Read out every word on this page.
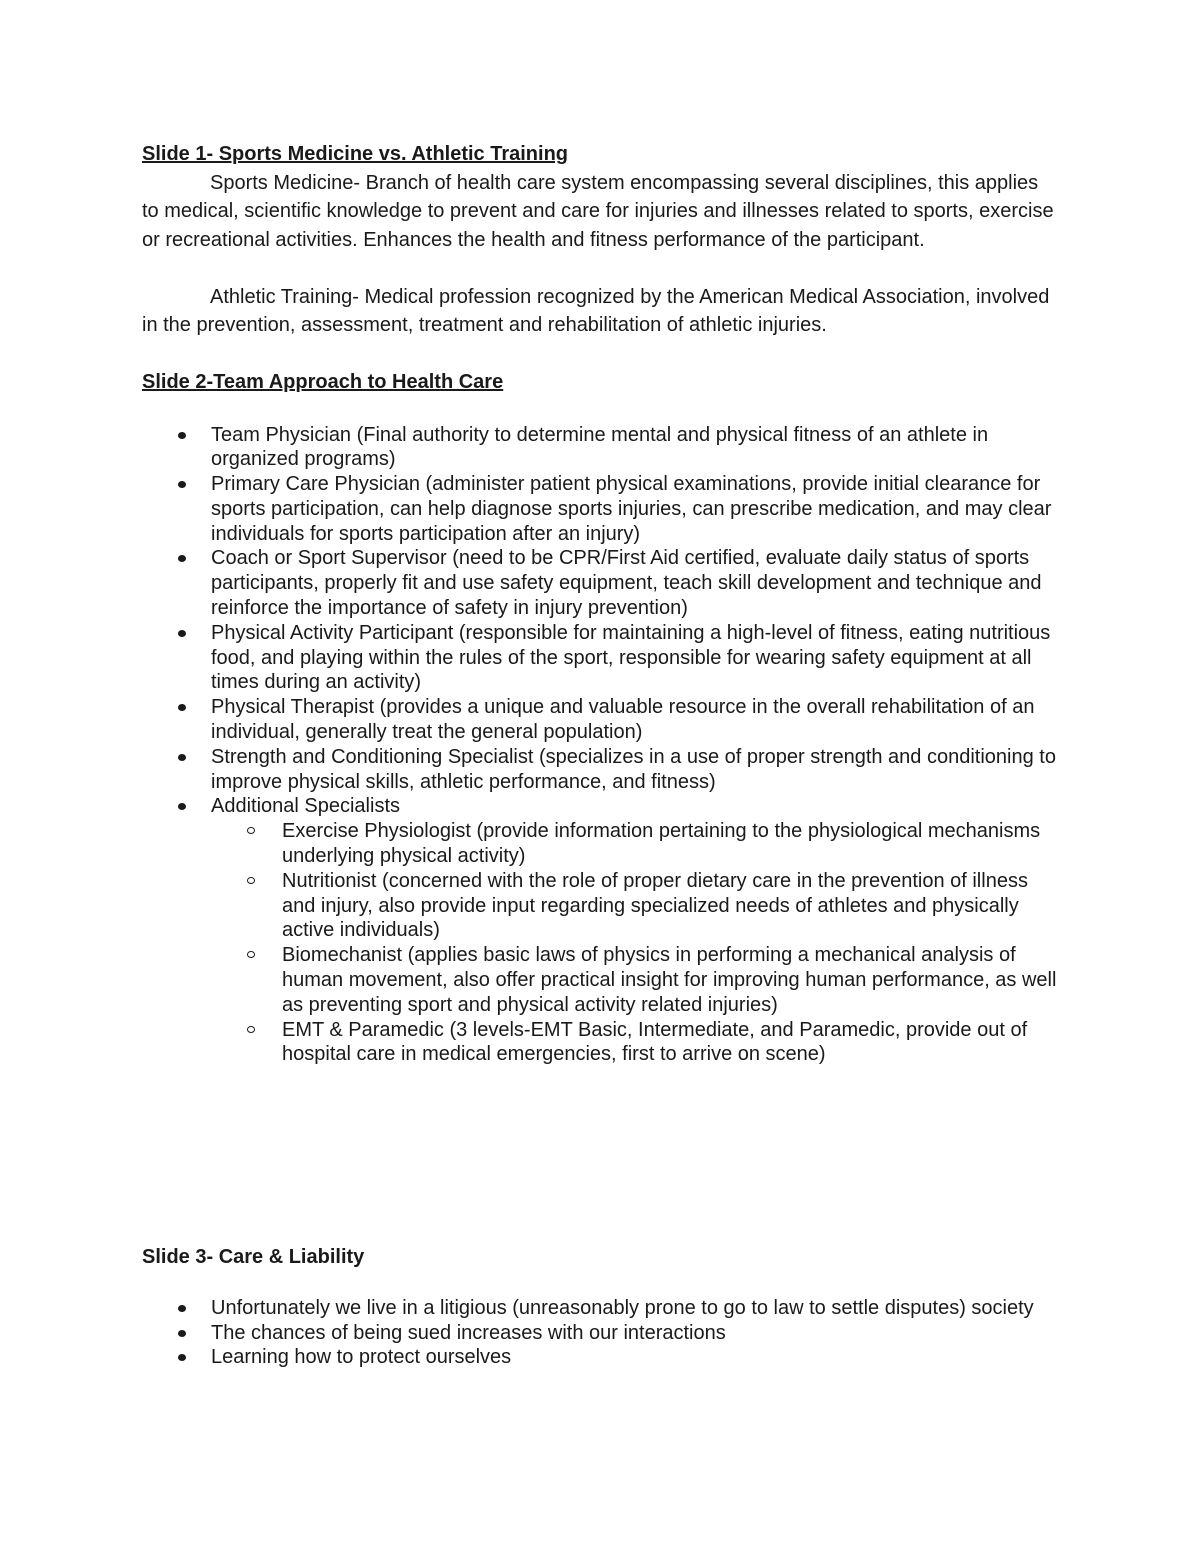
Slide 1- Sports Medicine vs. Athletic Training

Sports Medicine- Branch of health care system encompassing several disciplines, this applies to medical, scientific knowledge to prevent and care for injuries and illnesses related to sports, exercise or recreational activities. Enhances the health and fitness performance of the participant.

Athletic Training- Medical profession recognized by the American Medical Association, involved in the prevention, assessment, treatment and rehabilitation of athletic injuries.

Slide 2-Team Approach to Health Care

Team Physician (Final authority to determine mental and physical fitness of an athlete in organized programs)
Primary Care Physician (administer patient physical examinations, provide initial clearance for sports participation, can help diagnose sports injuries, can prescribe medication, and may clear individuals for sports participation after an injury)
Coach or Sport Supervisor (need to be CPR/First Aid certified, evaluate daily status of sports participants, properly fit and use safety equipment, teach skill development and technique and reinforce the importance of safety in injury prevention)
Physical Activity Participant (responsible for maintaining a high-level of fitness, eating nutritious food, and playing within the rules of the sport, responsible for wearing safety equipment at all times during an activity)
Physical Therapist (provides a unique and valuable resource in the overall rehabilitation of an individual, generally treat the general population)
Strength and Conditioning Specialist (specializes in a use of proper strength and conditioning to improve physical skills, athletic performance, and fitness)
Additional Specialists
Exercise Physiologist (provide information pertaining to the physiological mechanisms underlying physical activity)
Nutritionist (concerned with the role of proper dietary care in the prevention of illness and injury, also provide input regarding specialized needs of athletes and physically active individuals)
Biomechanist (applies basic laws of physics in performing a mechanical analysis of human movement, also offer practical insight for improving human performance, as well as preventing sport and physical activity related injuries)
EMT & Paramedic (3 levels-EMT Basic, Intermediate, and Paramedic, provide out of hospital care in medical emergencies, first to arrive on scene)

Slide 3- Care & Liability

Unfortunately we live in a litigious (unreasonably prone to go to law to settle disputes) society
The chances of being sued increases with our interactions
Learning how to protect ourselves
